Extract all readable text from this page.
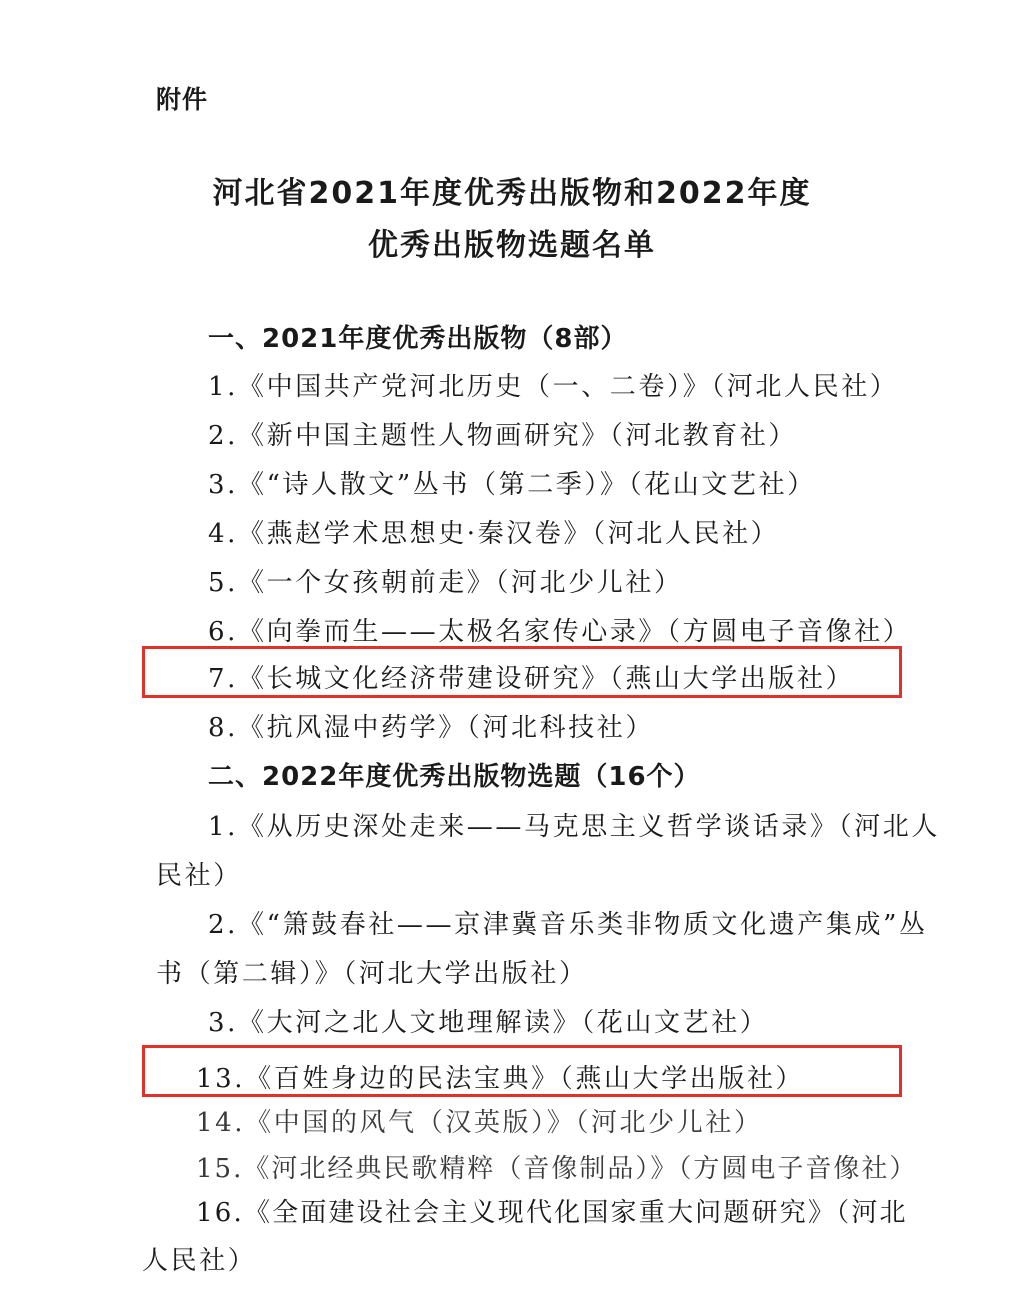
附件
河北省2021年度优秀出版物和2022年度
优秀出版物选题名单
一、2021年度优秀出版物（8部）
1.《中国共产党河北历史（一、二卷）》（河北人民社）
2.《新中国主题性人物画研究》（河北教育社）
3.《“诗人散文”丛书（第二季）》（花山文艺社）
4.《燕赵学术思想史·秦汉卷》（河北人民社）
5.《一个女孩朝前走》（河北少儿社）
6.《向拳而生——太极名家传心录》（方圆电子音像社）
7.《长城文化经济带建设研究》（燕山大学出版社）
8.《抗风湿中药学》（河北科技社）
二、2022年度优秀出版物选题（16个）
1.《从历史深处走来——马克思主义哲学谈话录》（河北人
民社）
2.《“箫鼓春社——京津冀音乐类非物质文化遗产集成”丛
书（第二辑）》（河北大学出版社）
3.《大河之北人文地理解读》（花山文艺社）
13.《百姓身边的民法宝典》（燕山大学出版社）
14.《中国的风气（汉英版）》（河北少儿社）
15.《河北经典民歌精粹（音像制品）》（方圆电子音像社）
16.《全面建设社会主义现代化国家重大问题研究》（河北
人民社）
